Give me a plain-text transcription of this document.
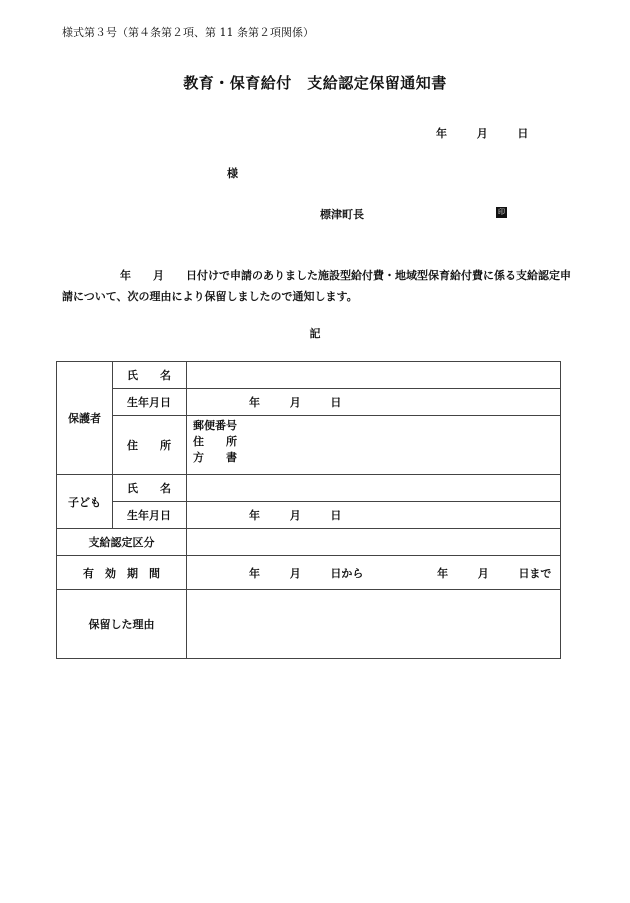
様式第３号（第４条第２項、第 11 条第２項関係）
教育・保育給付　支給認定保留通知書
年	月	日
様
標津町長	印
年　　月　　日付けで申請のありました施設型給付費・地域型保育給付費に係る支給認定申請について、次の理由により保留しましたので通知します。
記
保護者	氏　　名	
	生年月日	年 月 日
	住　　所	郵便番号
住　　所
方　　書

子ども	氏　　名	
	生年月日	年 月 日
支給認定区分		
有　効　期　間		年 月 日から 年 月 日まで
保留した理由		
